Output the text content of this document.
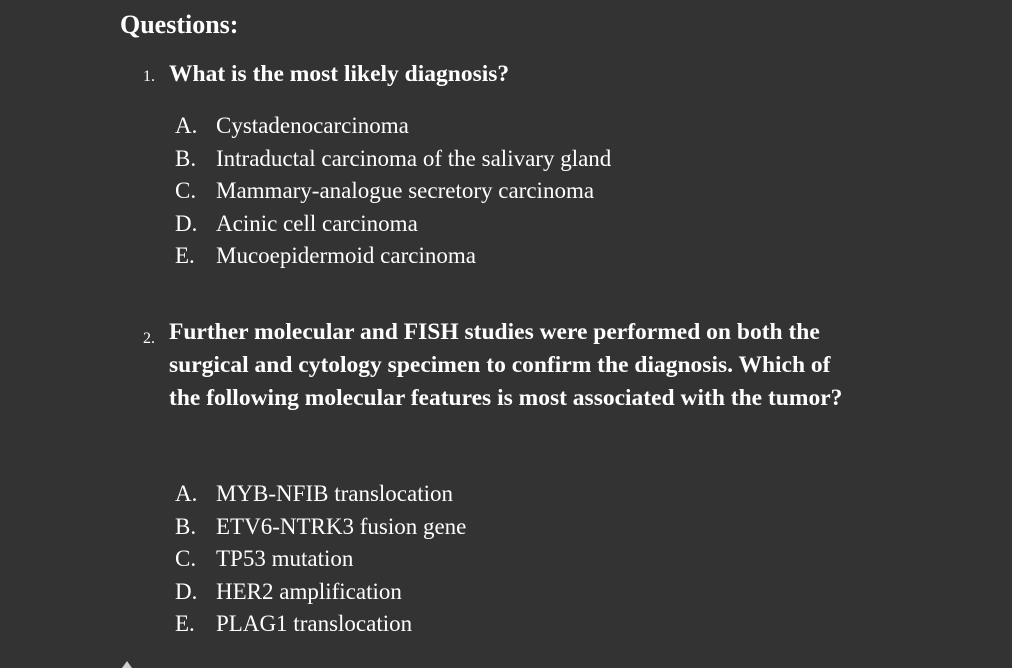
Questions:
1. What is the most likely diagnosis?
A. Cystadenocarcinoma
B. Intraductal carcinoma of the salivary gland
C. Mammary-analogue secretory carcinoma
D. Acinic cell carcinoma
E. Mucoepidermoid carcinoma
2. Further molecular and FISH studies were performed on both the surgical and cytology specimen to confirm the diagnosis. Which of the following molecular features is most associated with the tumor?
A. MYB-NFIB translocation
B. ETV6-NTRK3 fusion gene
C. TP53 mutation
D. HER2 amplification
E. PLAG1 translocation
